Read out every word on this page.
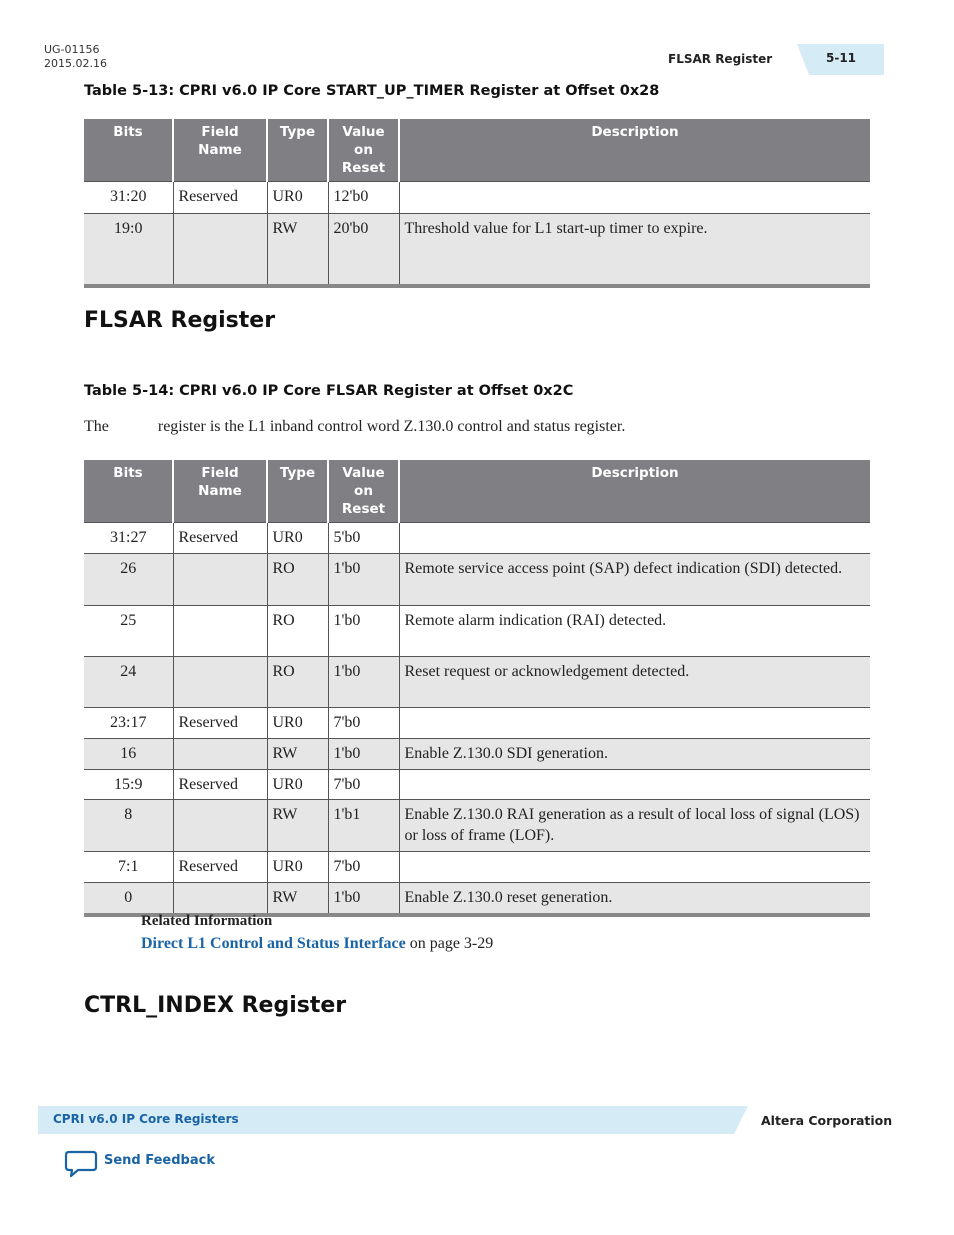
UG-01156
2015.02.16	FLSAR Register	5-11
Table 5-13: CPRI v6.0 IP Core START_UP_TIMER Register at Offset 0x28
Bits	Field Name	Type	Value on Reset	Description
31:20	Reserved	UR0	12'b0	
19:0		RW	20'b0	Threshold value for L1 start-up timer to expire.
FLSAR Register
Table 5-14: CPRI v6.0 IP Core FLSAR Register at Offset 0x2C
The	register is the L1 inband control word Z.130.0 control and status register.
Bits	Field Name	Type	Value on Reset	Description
31:27	Reserved	UR0	5'b0	
26		RO	1'b0	Remote service access point (SAP) defect indication (SDI) detected.
25		RO	1'b0	Remote alarm indication (RAI) detected.
24		RO	1'b0	Reset request or acknowledgement detected.
23:17	Reserved	UR0	7'b0	
16		RW	1'b0	Enable Z.130.0 SDI generation.
15:9	Reserved	UR0	7'b0	
8		RW	1'b1	Enable Z.130.0 RAI generation as a result of local loss of signal (LOS) or loss of frame (LOF).
7:1	Reserved	UR0	7'b0	
0		RW	1'b0	Enable Z.130.0 reset generation.
Related Information
Direct L1 Control and Status Interface on page 3-29
CTRL_INDEX Register
CPRI v6.0 IP Core Registers	Altera Corporation
Send Feedback
